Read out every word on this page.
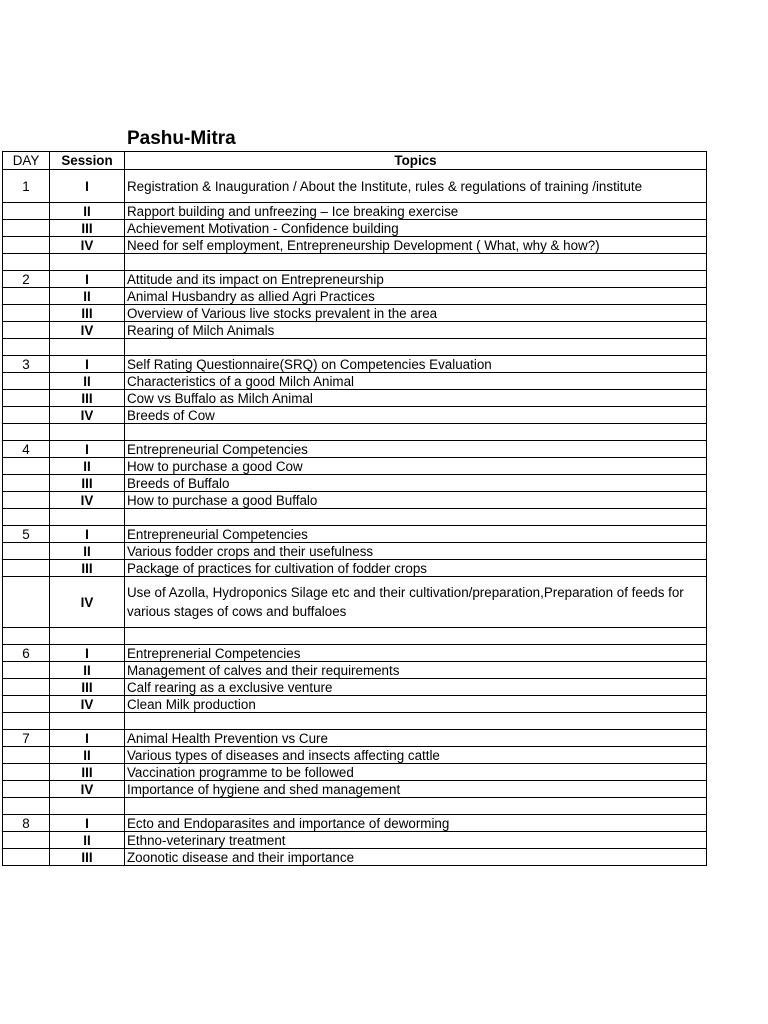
Pashu-Mitra
DAY	Session	Topics
1	I	Registration & Inauguration / About the Institute, rules & regulations of training /institute
	II	Rapport building and unfreezing – Ice breaking exercise
	III	Achievement Motivation - Confidence building
	IV	Need for self employment, Entrepreneurship Development ( What, why & how?)

2	I	Attitude and its impact on Entrepreneurship
	II	Animal Husbandry as allied Agri Practices
	III	Overview of Various live stocks prevalent in the area
	IV	Rearing of Milch Animals

3	I	Self Rating Questionnaire(SRQ) on Competencies Evaluation
	II	Characteristics of a good Milch Animal
	III	Cow vs Buffalo as Milch Animal
	IV	Breeds of Cow

4	I	Entrepreneurial Competencies
	II	How to purchase a good Cow
	III	Breeds of Buffalo
	IV	How to purchase a good Buffalo

5	I	Entrepreneurial Competencies
	II	Various fodder crops and their usefulness
	III	Package of practices for cultivation of fodder crops
	IV	Use of Azolla, Hydroponics Silage etc and their cultivation/preparation,Preparation of feeds for various stages of cows and buffaloes

6	I	Entreprenerial Competencies
	II	Management of calves and their requirements
	III	Calf rearing as a exclusive venture
	IV	Clean Milk production

7	I	Animal Health Prevention vs Cure
	II	Various types of diseases and insects affecting cattle
	III	Vaccination programme to be followed
	IV	Importance of hygiene and shed management

8	I	Ecto and Endoparasites and importance of deworming
	II	Ethno-veterinary treatment
	III	Zoonotic disease and their importance
